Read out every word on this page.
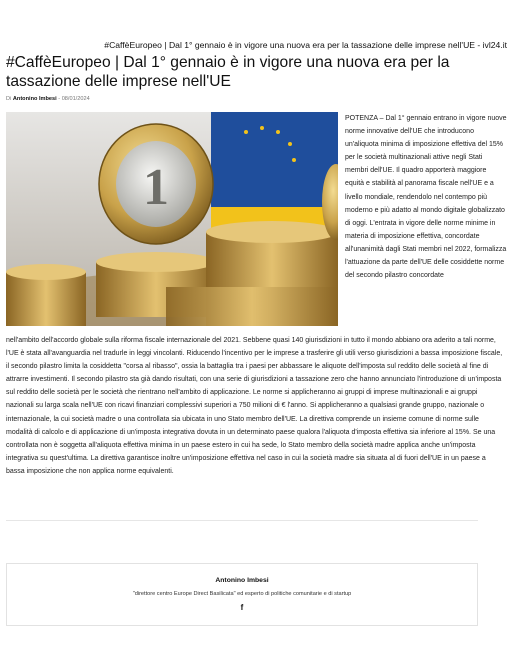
#CaffèEuropeo | Dal 1° gennaio è in vigore una nuova era per la tassazione delle imprese nell'UE - ivl24.it
#CaffèEuropeo | Dal 1° gennaio è in vigore una nuova era per la tassazione delle imprese nell'UE
Di Antonino Imbesi - 08/01/2024
1
POTENZA – Dal 1° gennaio entrano in vigore nuove norme innovative dell'UE che introducono un'aliquota minima di imposizione effettiva del 15% per le società multinazionali attive negli Stati membri dell'UE. Il quadro apporterà maggiore equità e stabilità al panorama fiscale nell'UE e a livello mondiale, rendendolo nel contempo più moderno e più adatto al mondo digitale globalizzato di oggi. L'entrata in vigore delle norme minime in materia di imposizione effettiva, concordate all'unanimità dagli Stati membri nel 2022, formalizza l'attuazione da parte dell'UE delle cosiddette norme del secondo pilastro concordate
nell'ambito dell'accordo globale sulla riforma fiscale internazionale del 2021. Sebbene quasi 140 giurisdizioni in tutto il mondo abbiano ora aderito a tali norme, l'UE è stata all'avanguardia nel tradurle in leggi vincolanti. Riducendo l'incentivo per le imprese a trasferire gli utili verso giurisdizioni a bassa imposizione fiscale, il secondo pilastro limita la cosiddetta "corsa al ribasso", ossia la battaglia tra i paesi per abbassare le aliquote dell'imposta sul reddito delle società al fine di attrarre investimenti. Il secondo pilastro sta già dando risultati, con una serie di giurisdizioni a tassazione zero che hanno annunciato l'introduzione di un'imposta sul reddito delle società per le società che rientrano nell'ambito di applicazione. Le norme si applicheranno ai gruppi di imprese multinazionali e ai gruppi nazionali su larga scala nell'UE con ricavi finanziari complessivi superiori a 750 milioni di € l'anno. Si applicheranno a qualsiasi grande gruppo, nazionale o internazionale, la cui società madre o una controllata sia ubicata in uno Stato membro dell'UE. La direttiva comprende un insieme comune di norme sulle modalità di calcolo e di applicazione di un'imposta integrativa dovuta in un determinato paese qualora l'aliquota d'imposta effettiva sia inferiore al 15%. Se una controllata non è soggetta all'aliquota effettiva minima in un paese estero in cui ha sede, lo Stato membro della società madre applica anche un'imposta integrativa su quest'ultima. La direttiva garantisce inoltre un'imposizione effettiva nel caso in cui la società madre sia situata al di fuori dell'UE in un paese a bassa imposizione che non applica norme equivalenti.
Antonino Imbesi
"direttore centro Europe Direct Basilicata" ed esperto di politiche comunitarie e di startup
f
